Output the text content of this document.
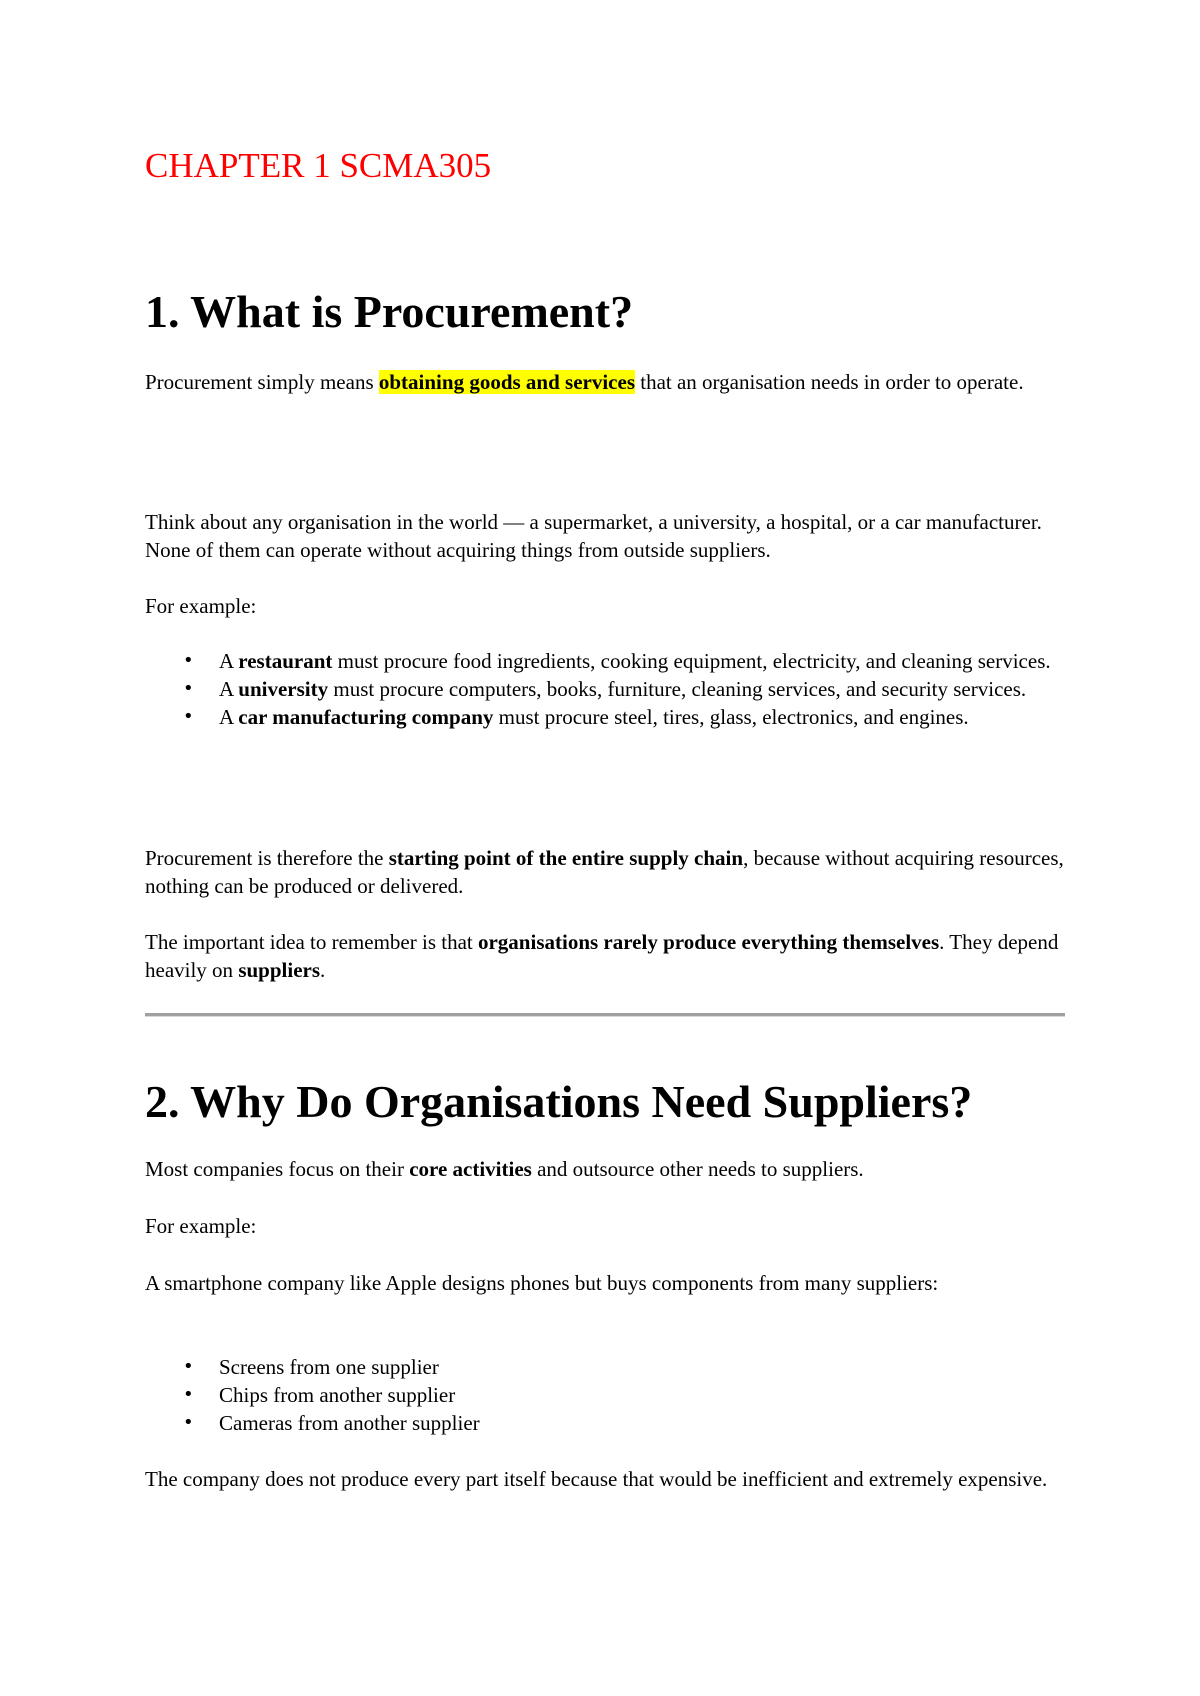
CHAPTER 1 SCMA305
1. What is Procurement?

Procurement simply means obtaining goods and services that an organisation needs in order to operate.

Think about any organisation in the world — a supermarket, a university, a hospital, or a car manufacturer. None of them can operate without acquiring things from outside suppliers.

For example:

• A restaurant must procure food ingredients, cooking equipment, electricity, and cleaning services.
• A university must procure computers, books, furniture, cleaning services, and security services.
• A car manufacturing company must procure steel, tires, glass, electronics, and engines.

Procurement is therefore the starting point of the entire supply chain, because without acquiring resources, nothing can be produced or delivered.

The important idea to remember is that organisations rarely produce everything themselves. They depend heavily on suppliers.

2. Why Do Organisations Need Suppliers?

Most companies focus on their core activities and outsource other needs to suppliers.

For example:

A smartphone company like Apple designs phones but buys components from many suppliers:

• Screens from one supplier
• Chips from another supplier
• Cameras from another supplier

The company does not produce every part itself because that would be inefficient and extremely expensive.
